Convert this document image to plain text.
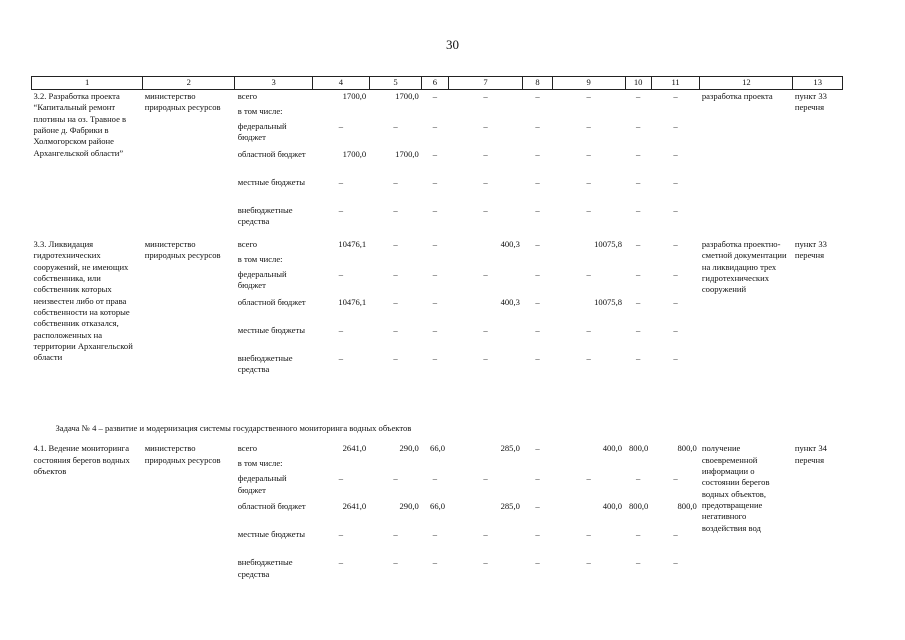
30
1	2	3	4	5	6	7	8	9	10	11	12	13

3.2. Разработка проекта “Капитальный ремонт плотины на оз. Травное в районе д. Фабрики в Холмогорском районе Архангельской области”	министерство природных ресурсов	всего	1700,0	1700,0	–	–	–	–	–	–	разработка проекта	пункт 33 перечня
		в том числе:										
		федеральный бюджет	–	–	–	–	–	–	–	–		
		областной бюджет	1700,0	1700,0	–	–	–	–	–	–		
		местные бюджеты	–	–	–	–	–	–	–	–		
		внебюджетные средства	–	–	–	–	–	–	–	–		

3.3. Ликвидация гидротехнических сооружений, не имеющих собственника, или собственник которых неизвестен либо от права собственности на которые собственник отказался, расположенных на территории Архангельской области	министерство природных ресурсов	всего	10476,1	–	–	400,3	–	10075,8	–	–	разработка проектно-сметной документации на ликвидацию трех гидротехнических сооружений	пункт 33 перечня
		в том числе:										
		федеральный бюджет	–	–	–	–	–	–	–	–		
		областной бюджет	10476,1	–	–	400,3	–	10075,8	–	–		
		местные бюджеты	–	–	–	–	–	–	–	–		
		внебюджетные средства	–	–	–	–	–	–	–	–		

Задача № 4 – развитие и модернизация системы государственного мониторинга водных объектов												
4.1. Ведение мониторинга состояния берегов водных объектов	министерство природных ресурсов	всего	2641,0	290,0	66,0	285,0	–	400,0	800,0	800,0	получение своевременной информации о состоянии берегов водных объектов, предотвращение негативного воздействия вод	пункт 34 перечня
		в том числе:										
		федеральный бюджет	–	–	–	–	–	–	–	–		
		областной бюджет	2641,0	290,0	66,0	285,0	–	400,0	800,0	800,0		
		местные бюджеты	–	–	–	–	–	–	–	–		
		внебюджетные средства	–	–	–	–	–	–	–	–		
